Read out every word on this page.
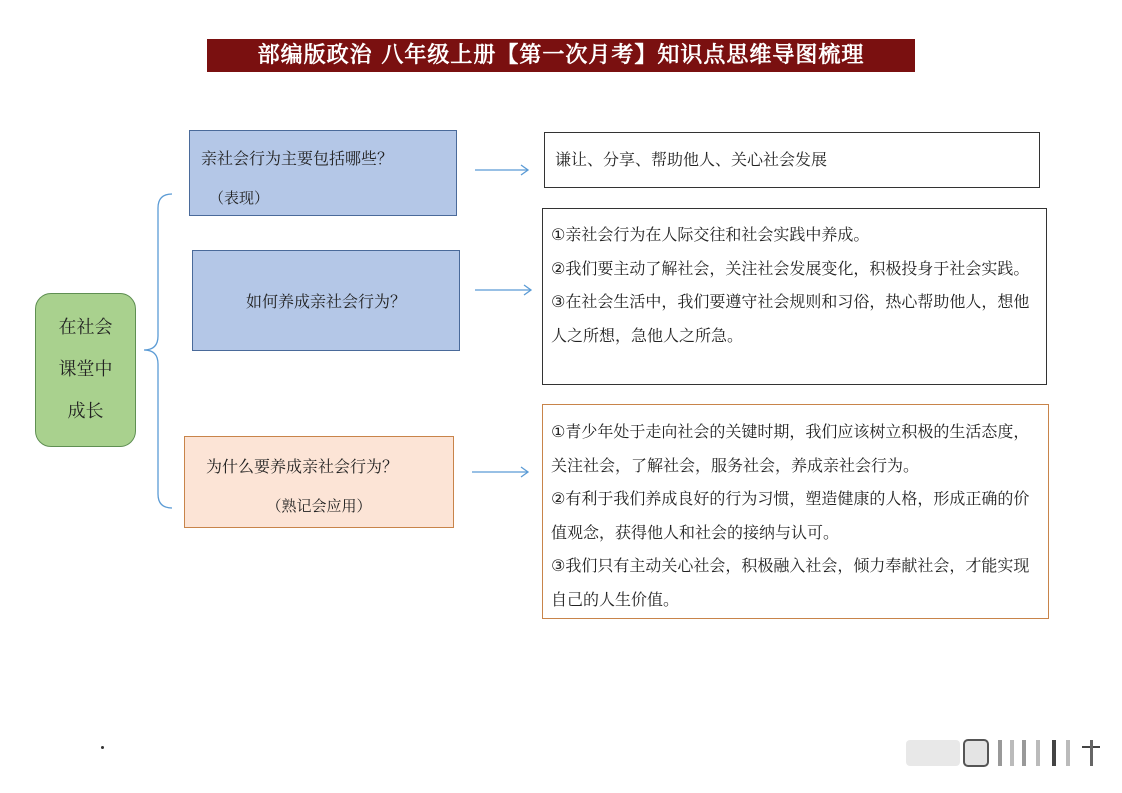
部编版政治 八年级上册【第一次月考】知识点思维导图梳理
在社会
课堂中
成长
亲社会行为主要包括哪些？
（表现）
如何养成亲社会行为？
为什么要养成亲社会行为？
（熟记会应用）
谦让、分享、帮助他人、关心社会发展

①亲社会行为在人际交往和社会实践中养成。

②我们要主动了解社会，关注社会发展变化，积极投身于社会实践。

③在社会生活中，我们要遵守社会规则和习俗，热心帮助他人，想他人之所想，急他人之所急。

①青少年处于走向社会的关键时期，我们应该树立积极的生活态度，关注社会，了解社会，服务社会，养成亲社会行为。

②有利于我们养成良好的行为习惯，塑造健康的人格，形成正确的价值观念，获得他人和社会的接纳与认可。

③我们只有主动关心社会，积极融入社会，倾力奉献社会，才能实现自己的人生价值。
